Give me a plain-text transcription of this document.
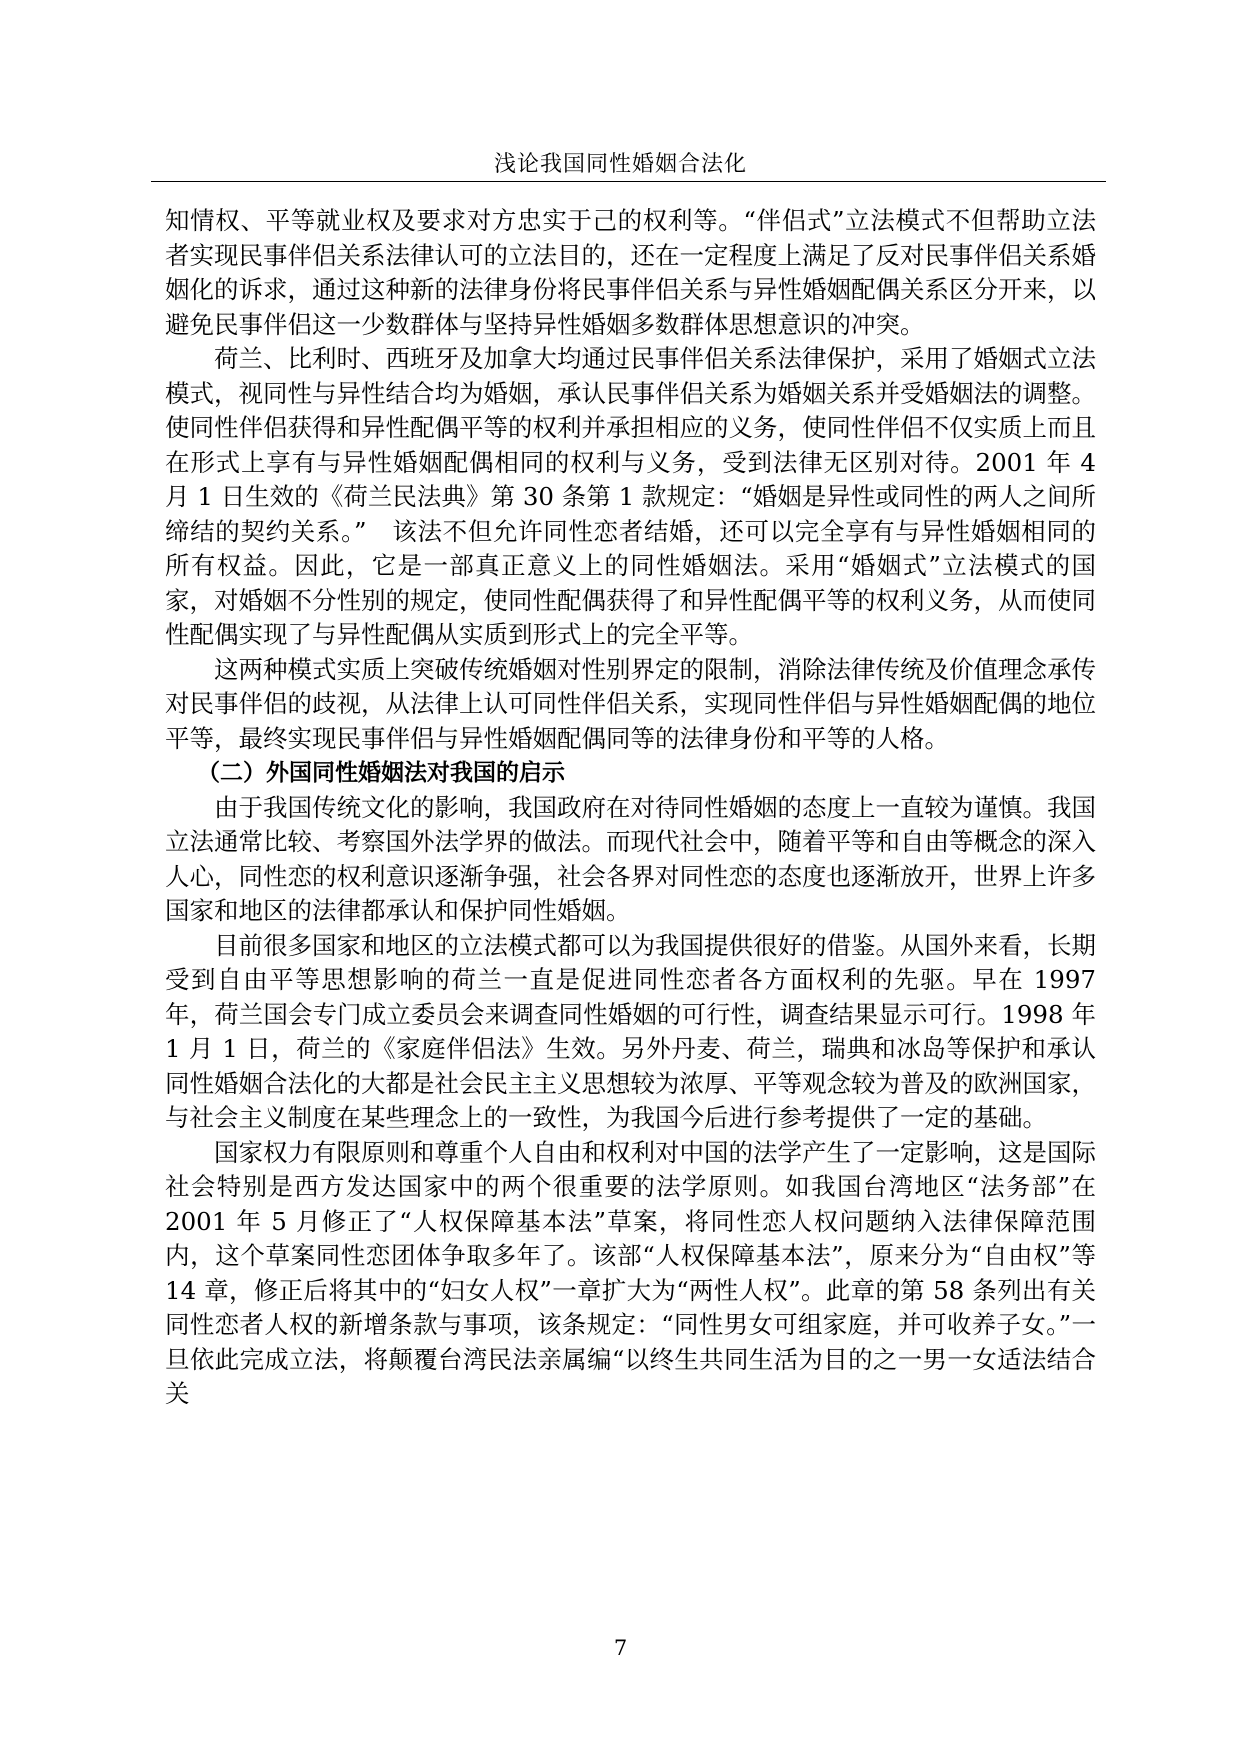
浅论我国同性婚姻合法化

知情权、平等就业权及要求对方忠实于己的权利等。“伴侣式”立法模式不但帮助立法者实现民事伴侣关系法律认可的立法目的，还在一定程度上满足了反对民事伴侣关系婚姻化的诉求，通过这种新的法律身份将民事伴侣关系与异性婚姻配偶关系区分开来，以避免民事伴侣这一少数群体与坚持异性婚姻多数群体思想意识的冲突。

荷兰、比利时、西班牙及加拿大均通过民事伴侣关系法律保护，采用了婚姻式立法模式，视同性与异性结合均为婚姻，承认民事伴侣关系为婚姻关系并受婚姻法的调整。使同性伴侣获得和异性配偶平等的权利并承担相应的义务，使同性伴侣不仅实质上而且在形式上享有与异性婚姻配偶相同的权利与义务，受到法律无区别对待。2001 年 4 月 1 日生效的《荷兰民法典》第 30 条第 1 款规定：“婚姻是异性或同性的两人之间所缔结的契约关系。”　该法不但允许同性恋者结婚，还可以完全享有与异性婚姻相同的所有权益。因此，它是一部真正意义上的同性婚姻法。采用“婚姻式”立法模式的国家，对婚姻不分性别的规定，使同性配偶获得了和异性配偶平等的权利义务，从而使同性配偶实现了与异性配偶从实质到形式上的完全平等。

这两种模式实质上突破传统婚姻对性别界定的限制，消除法律传统及价值理念承传对民事伴侣的歧视，从法律上认可同性伴侣关系，实现同性伴侣与异性婚姻配偶的地位平等，最终实现民事伴侣与异性婚姻配偶同等的法律身份和平等的人格。

（二）外国同性婚姻法对我国的启示

由于我国传统文化的影响，我国政府在对待同性婚姻的态度上一直较为谨慎。我国立法通常比较、考察国外法学界的做法。而现代社会中，随着平等和自由等概念的深入人心，同性恋的权利意识逐渐争强，社会各界对同性恋的态度也逐渐放开，世界上许多国家和地区的法律都承认和保护同性婚姻。

目前很多国家和地区的立法模式都可以为我国提供很好的借鉴。从国外来看，长期受到自由平等思想影响的荷兰一直是促进同性恋者各方面权利的先驱。早在 1997 年，荷兰国会专门成立委员会来调查同性婚姻的可行性，调查结果显示可行。1998 年 1 月 1 日，荷兰的《家庭伴侣法》生效。另外丹麦、荷兰，瑞典和冰岛等保护和承认同性婚姻合法化的大都是社会民主主义思想较为浓厚、平等观念较为普及的欧洲国家，与社会主义制度在某些理念上的一致性，为我国今后进行参考提供了一定的基础。

国家权力有限原则和尊重个人自由和权利对中国的法学产生了一定影响，这是国际社会特别是西方发达国家中的两个很重要的法学原则。如我国台湾地区“法务部”在 2001 年 5 月修正了“人权保障基本法”草案，将同性恋人权问题纳入法律保障范围内，这个草案同性恋团体争取多年了。该部“人权保障基本法”，原来分为“自由权”等 14 章，修正后将其中的“妇女人权”一章扩大为“两性人权”。此章的第 58 条列出有关同性恋者人权的新增条款与事项，该条规定：“同性男女可组家庭，并可收养子女。”一旦依此完成立法，将颠覆台湾民法亲属编“以终生共同生活为目的之一男一女适法结合关

7
